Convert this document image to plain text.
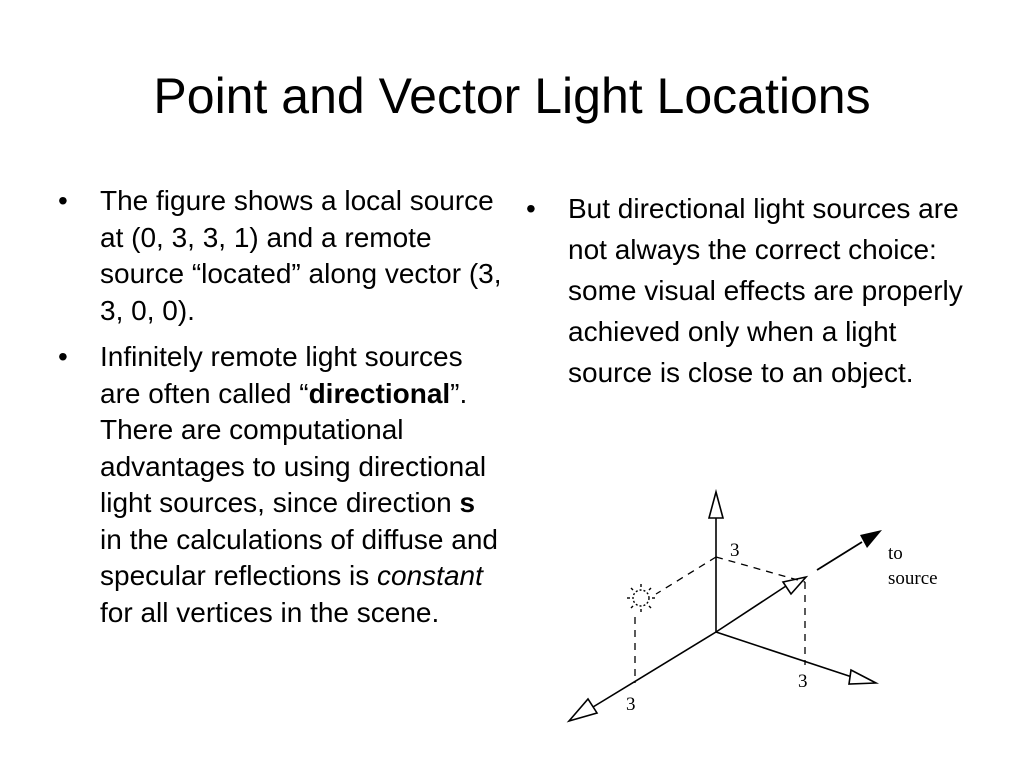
Point and Vector Light Locations
• The figure shows a local source at (0, 3, 3, 1) and a remote source “located” along vector (3, 3, 0, 0).
• Infinitely remote light sources are often called “directional”. There are computational advantages to using directional light sources, since direction s in the calculations of diffuse and specular reflections is constant for all vertices in the scene.
• But directional light sources are not always the correct choice: some visual effects are properly achieved only when a light source is close to an object.
3
3
3
to
source
